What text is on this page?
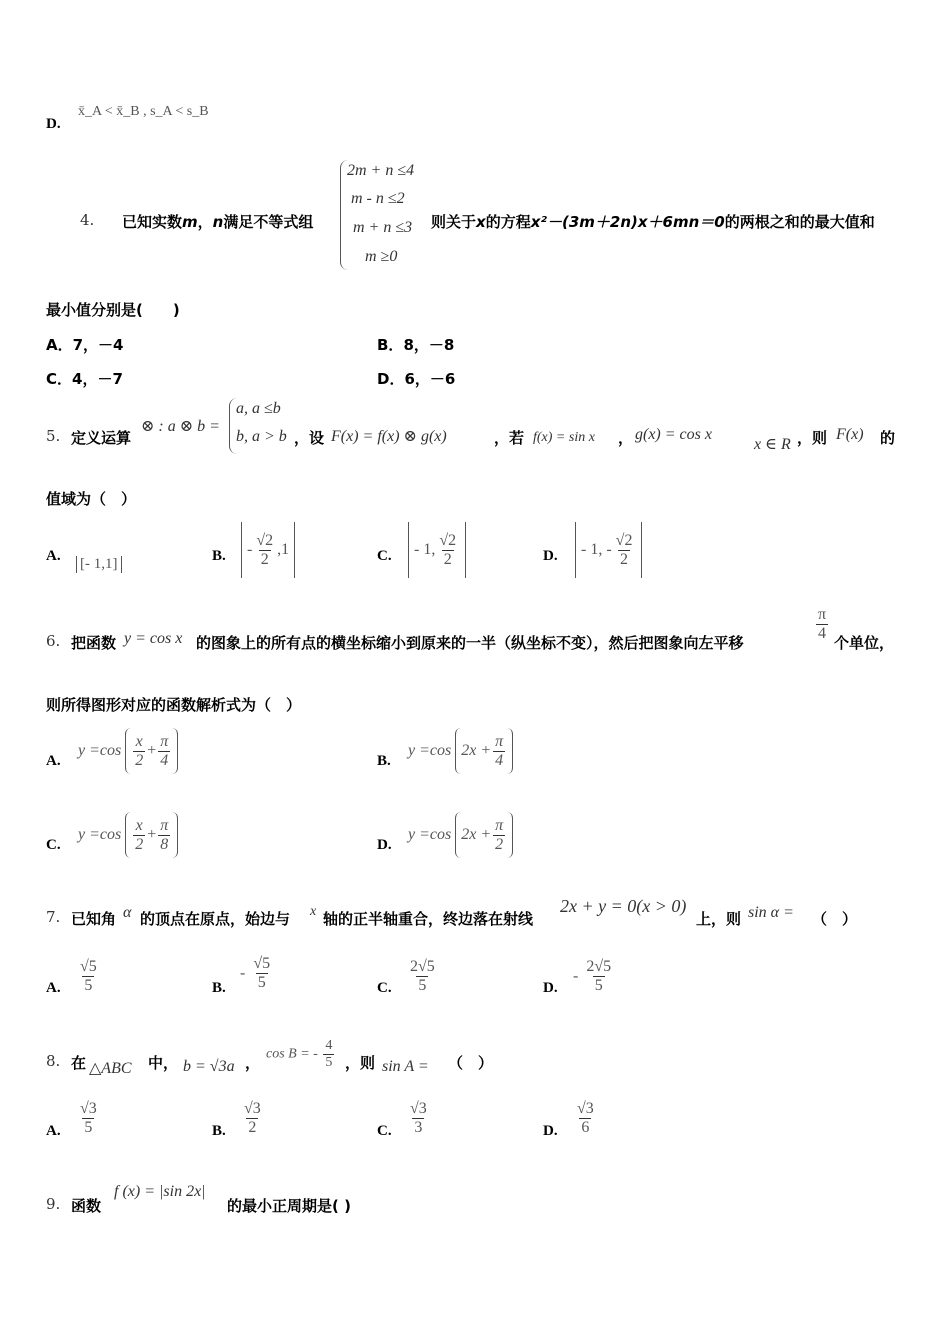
D.
x̄_A < x̄_B , s_A < s_B
4. 已知实数m，n满足不等式组
2m + n ≤4
m - n ≤2
m + n ≤3
m ≥0
则关于x的方程x²－(3m＋2n)x＋6mn＝0的两根之和的最大值和
最小值分别是(　　)
A．7，－4	B．8，－8
C．4，－7	D．6，－6
5. 定义运算
⊗ : a ⊗ b =
a, a ≤b
b, a > b ，设 F(x) = f(x) ⊗ g(x)	，若 f(x) = sin x ， g(x) = cos x
x ∈ R ，则 F(x) 的
值域为（　）
A. [- 1,1]	B. - $\frac{√2}{2} ,1$	C. - 1, $\frac{√2}{2}$	D. - 1, - $\frac{√2}{2}$
6. 把函数 y = cos x 的图象上的所有点的横坐标缩小到原来的一半（纵坐标不变），然后把图象向左平移	$\frac{\pi}{4}$ 个单位，
则所得图形对应的函数解析式为（　）
A.
$y =\cos \frac{x}{2} + \frac{\pi}{4}$	B.
y =cos $2x + \frac{\pi}{4}$
C.
$y =\cos \frac{x}{2} + \frac{\pi}{8}$	D.
y =cos $2x + \frac{\pi}{2}$
7. 已知角 α 的顶点在原点，始边与 x 轴的正半轴重合，终边落在射线
2x + y = 0(x > 0)
上，则 sin α = （　）
A. $\frac{√5}{5}$	B.
- $\frac{√5}{5}$	C. $\frac{2√5}{5}$	D.
- $\frac{2√5}{5}$
8. 在 △ABC 中， b = √3a ， cos B = - $\frac{4}{5}$ ，则 sin A = （　）
A. $\frac{√3}{5}$	B. $\frac{√3}{2}$	C. $\frac{√3}{3}$	D. $\frac{√3}{6}$
9. 函数
f (x) = |sin 2x|
的最小正周期是( )
